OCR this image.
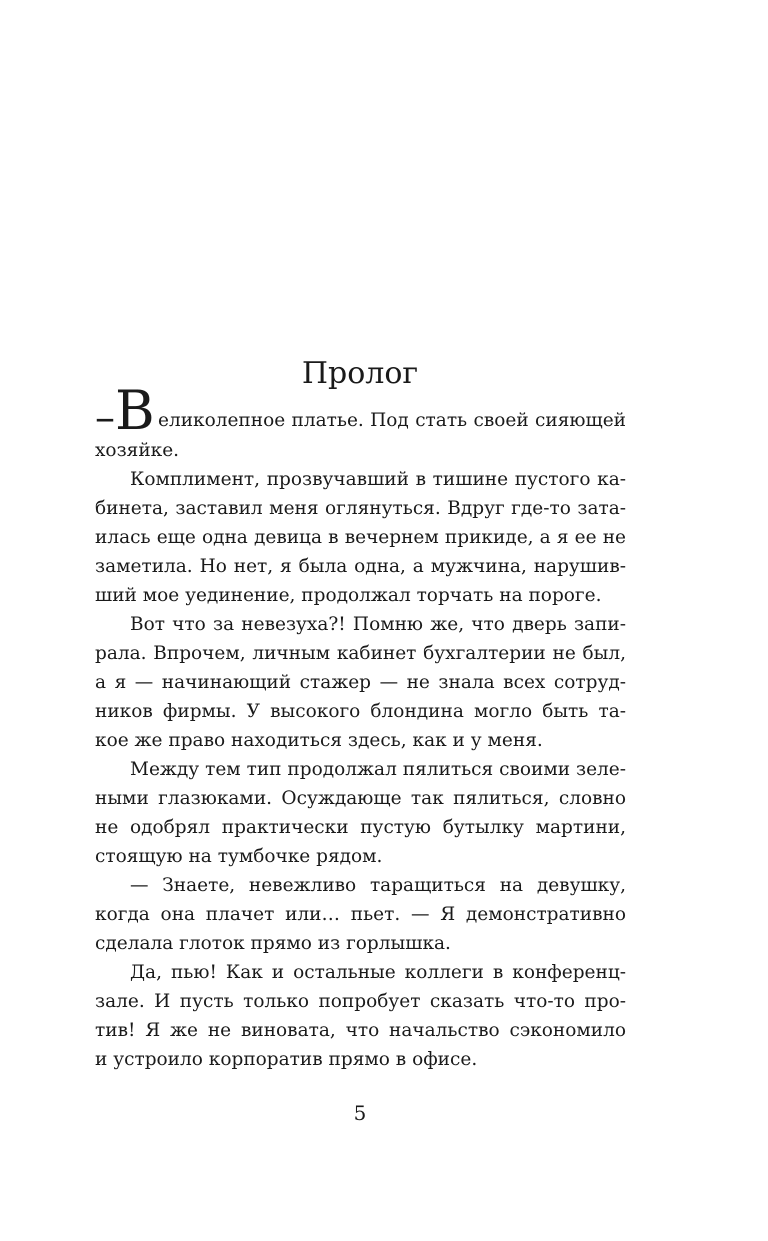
Пролог
–В еликолепное платье. Под стать своей сияющей
хозяйке.
Комплимент, прозвучавший в тишине пустого ка-
бинета, заставил меня оглянуться. Вдруг где-то зата-
илась еще одна девица в вечернем прикиде, а я ее не
заметила. Но нет, я была одна, а мужчина, нарушив-
ший мое уединение, продолжал торчать на пороге.
Вот что за невезуха?! Помню же, что дверь запи-
рала. Впрочем, личным кабинет бухгалтерии не был,
а я — начинающий стажер — не знала всех сотруд-
ников фирмы. У высокого блондина могло быть та-
кое же право находиться здесь, как и у меня.
Между тем тип продолжал пялиться своими зеле-
ными глазюками. Осуждающе так пялиться, словно
не одобрял практически пустую бутылку мартини,
стоящую на тумбочке рядом.
— Знаете, невежливо таращиться на девушку,
когда она плачет или… пьет. — Я демонстративно
сделала глоток прямо из горлышка.
Да, пью! Как и остальные коллеги в конференц-
зале. И пусть только попробует сказать что-то про-
тив! Я же не виновата, что начальство сэкономило
и устроило корпоратив прямо в офисе.
5
